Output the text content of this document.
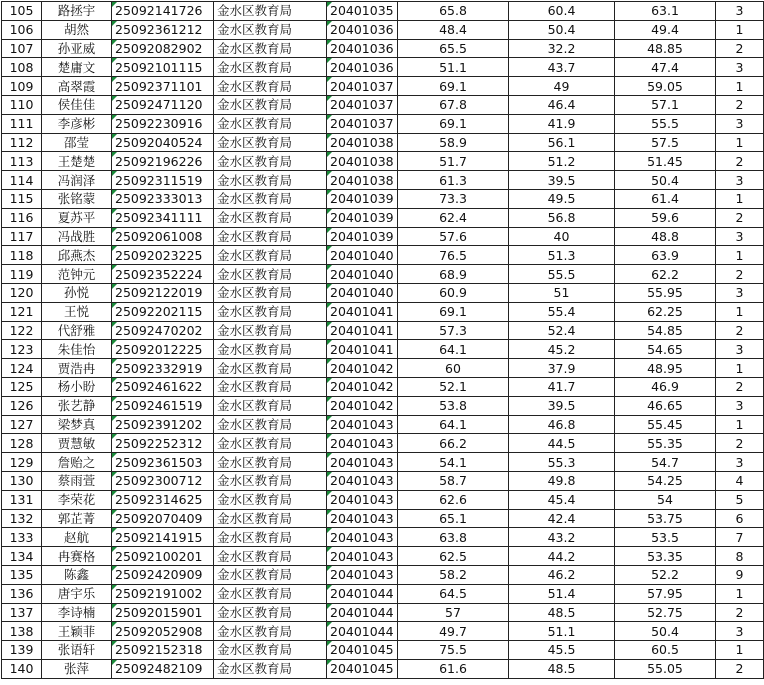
105	路拯宇	25092141726	金水区教育局	20401035	65.8	60.4	63.1	3
106	胡然	25092361212	金水区教育局	20401036	48.4	50.4	49.4	1
107	孙亚威	25092082902	金水区教育局	20401036	65.5	32.2	48.85	2
108	楚庸文	25092101115	金水区教育局	20401036	51.1	43.7	47.4	3
109	高翠霞	25092371101	金水区教育局	20401037	69.1	49	59.05	1
110	侯佳佳	25092471120	金水区教育局	20401037	67.8	46.4	57.1	2
111	李彦彬	25092230916	金水区教育局	20401037	69.1	41.9	55.5	3
112	邵莹	25092040524	金水区教育局	20401038	58.9	56.1	57.5	1
113	王楚楚	25092196226	金水区教育局	20401038	51.7	51.2	51.45	2
114	冯润泽	25092311519	金水区教育局	20401038	61.3	39.5	50.4	3
115	张铭蒙	25092333013	金水区教育局	20401039	73.3	49.5	61.4	1
116	夏苏平	25092341111	金水区教育局	20401039	62.4	56.8	59.6	2
117	冯战胜	25092061008	金水区教育局	20401039	57.6	40	48.8	3
118	邱燕杰	25092023225	金水区教育局	20401040	76.5	51.3	63.9	1
119	范钟元	25092352224	金水区教育局	20401040	68.9	55.5	62.2	2
120	孙悦	25092122019	金水区教育局	20401040	60.9	51	55.95	3
121	王悦	25092202115	金水区教育局	20401041	69.1	55.4	62.25	1
122	代舒雅	25092470202	金水区教育局	20401041	57.3	52.4	54.85	2
123	朱佳怡	25092012225	金水区教育局	20401041	64.1	45.2	54.65	3
124	贾浩冉	25092332919	金水区教育局	20401042	60	37.9	48.95	1
125	杨小盼	25092461622	金水区教育局	20401042	52.1	41.7	46.9	2
126	张艺静	25092461519	金水区教育局	20401042	53.8	39.5	46.65	3
127	梁梦真	25092391202	金水区教育局	20401043	64.1	46.8	55.45	1
128	贾慧敏	25092252312	金水区教育局	20401043	66.2	44.5	55.35	2
129	詹贻之	25092361503	金水区教育局	20401043	54.1	55.3	54.7	3
130	蔡雨萱	25092300712	金水区教育局	20401043	58.7	49.8	54.25	4
131	李荣花	25092314625	金水区教育局	20401043	62.6	45.4	54	5
132	郭芷菁	25092070409	金水区教育局	20401043	65.1	42.4	53.75	6
133	赵航	25092141915	金水区教育局	20401043	63.8	43.2	53.5	7
134	冉赛格	25092100201	金水区教育局	20401043	62.5	44.2	53.35	8
135	陈鑫	25092420909	金水区教育局	20401043	58.2	46.2	52.2	9
136	唐宇乐	25092191002	金水区教育局	20401044	64.5	51.4	57.95	1
137	李诗楠	25092015901	金水区教育局	20401044	57	48.5	52.75	2
138	王颖菲	25092052908	金水区教育局	20401044	49.7	51.1	50.4	3
139	张语轩	25092152318	金水区教育局	20401045	75.5	45.5	60.5	1
140	张萍	25092482109	金水区教育局	20401045	61.6	48.5	55.05	2
